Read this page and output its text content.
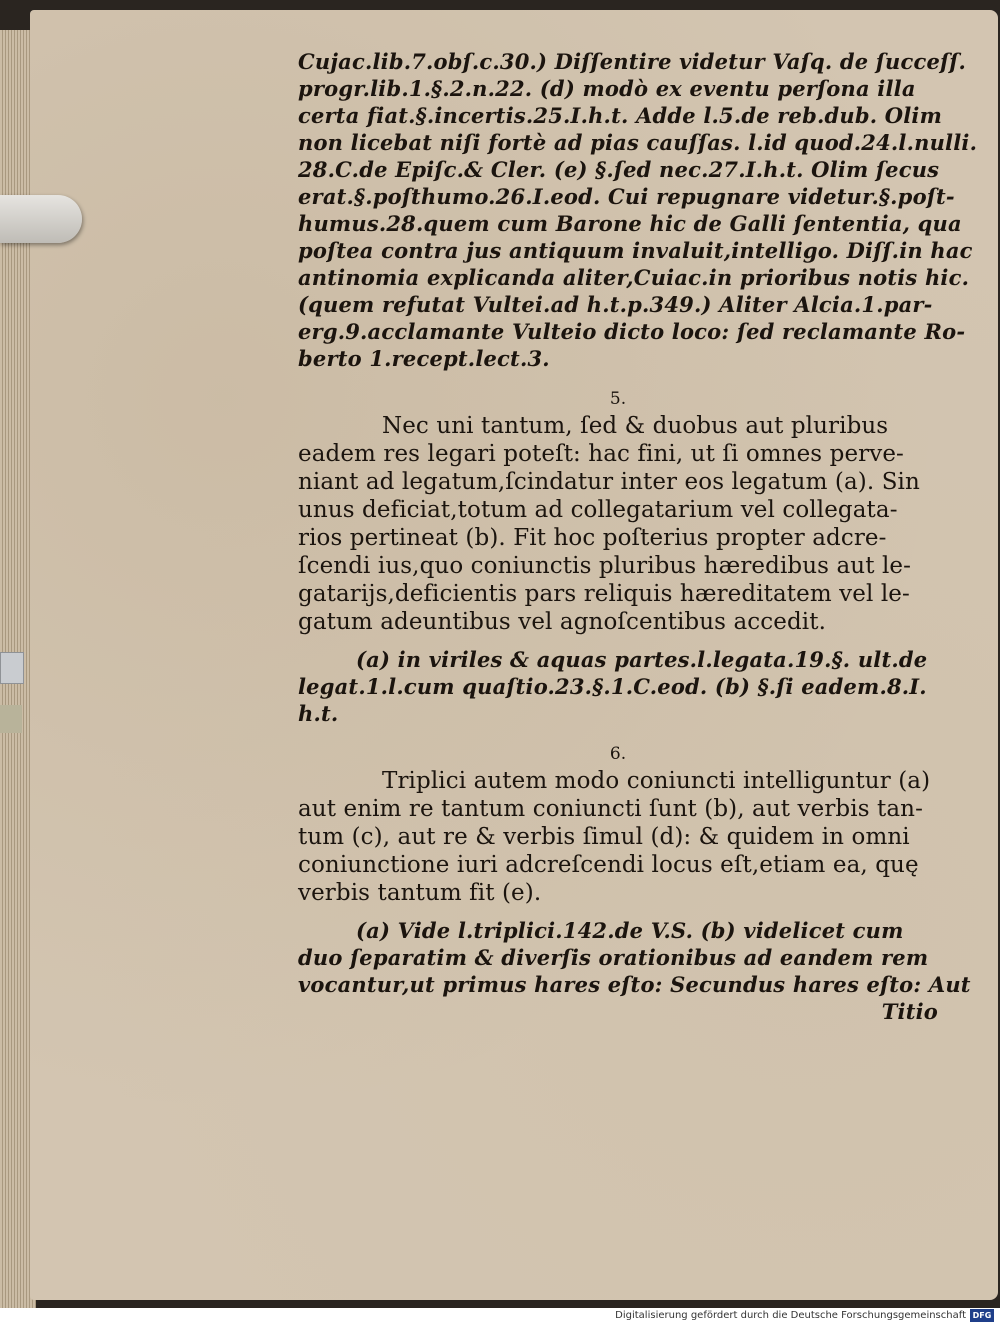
Cujac.lib.7.obſ.c.30.) Diſſentire videtur Vaſq. de ſucceſſ.
progr.lib.1.§.2.n.22. (d) modò ex eventu perſona illa
certa fiat.§.incertis.25.I.h.t. Adde l.5.de reb.dub. Olim
non licebat niſi fortè ad pias cauſſas. l.id quod.24.l.nulli.
28.C.de Epiſc.& Cler. (e) §.ſed nec.27.I.h.t. Olim ſecus
erat.§.poſthumo.26.I.eod. Cui repugnare videtur.§.poſt-
humus.28.quem cum Barone hic de Galli ſententia, qua
poſtea contra jus antiquum invaluit,intelligo. Diſſ.in hac
antinomia explicanda aliter,Cuiac.in prioribus notis hic.
(quem refutat Vultei.ad h.t.p.349.) Aliter Alcia.1.par-
erg.9.acclamante Vulteio dicto loco: ſed reclamante Ro-
berto 1.recept.lect.3.
5.
Nec uni tantum, ſed & duobus aut pluribus
eadem res legari poteſt: hac fini, ut ſi omnes perve-
niant ad legatum,ſcindatur inter eos legatum (a). Sin
unus deficiat,totum ad collegatarium vel collegata-
rios pertineat (b). Fit hoc poſterius propter adcre-
ſcendi ius,quo coniunctis pluribus hæredibus aut le-
gatarijs,deficientis pars reliquis hæreditatem vel le-
gatum adeuntibus vel agnoſcentibus accedit.
(a) in viriles & aquas partes.l.legata.19.§. ult.de
legat.1.l.cum quaſtio.23.§.1.C.eod. (b) §.ſi eadem.8.I.
h.t.
6.
Triplici autem modo coniuncti intelliguntur (a)
aut enim re tantum coniuncti ſunt (b), aut verbis tan-
tum (c), aut re & verbis ſimul (d): & quidem in omni
coniunctione iuri adcreſcendi locus eſt,etiam ea, quę
verbis tantum fit (e).
(a) Vide l.triplici.142.de V.S. (b) videlicet cum
duo ſeparatim & diverſis orationibus ad eandem rem
vocantur,ut primus hares eſto: Secundus hares eſto: Aut
Titio
Digitalisierung gefördert durch die Deutsche Forschungsgemeinschaft DFG
